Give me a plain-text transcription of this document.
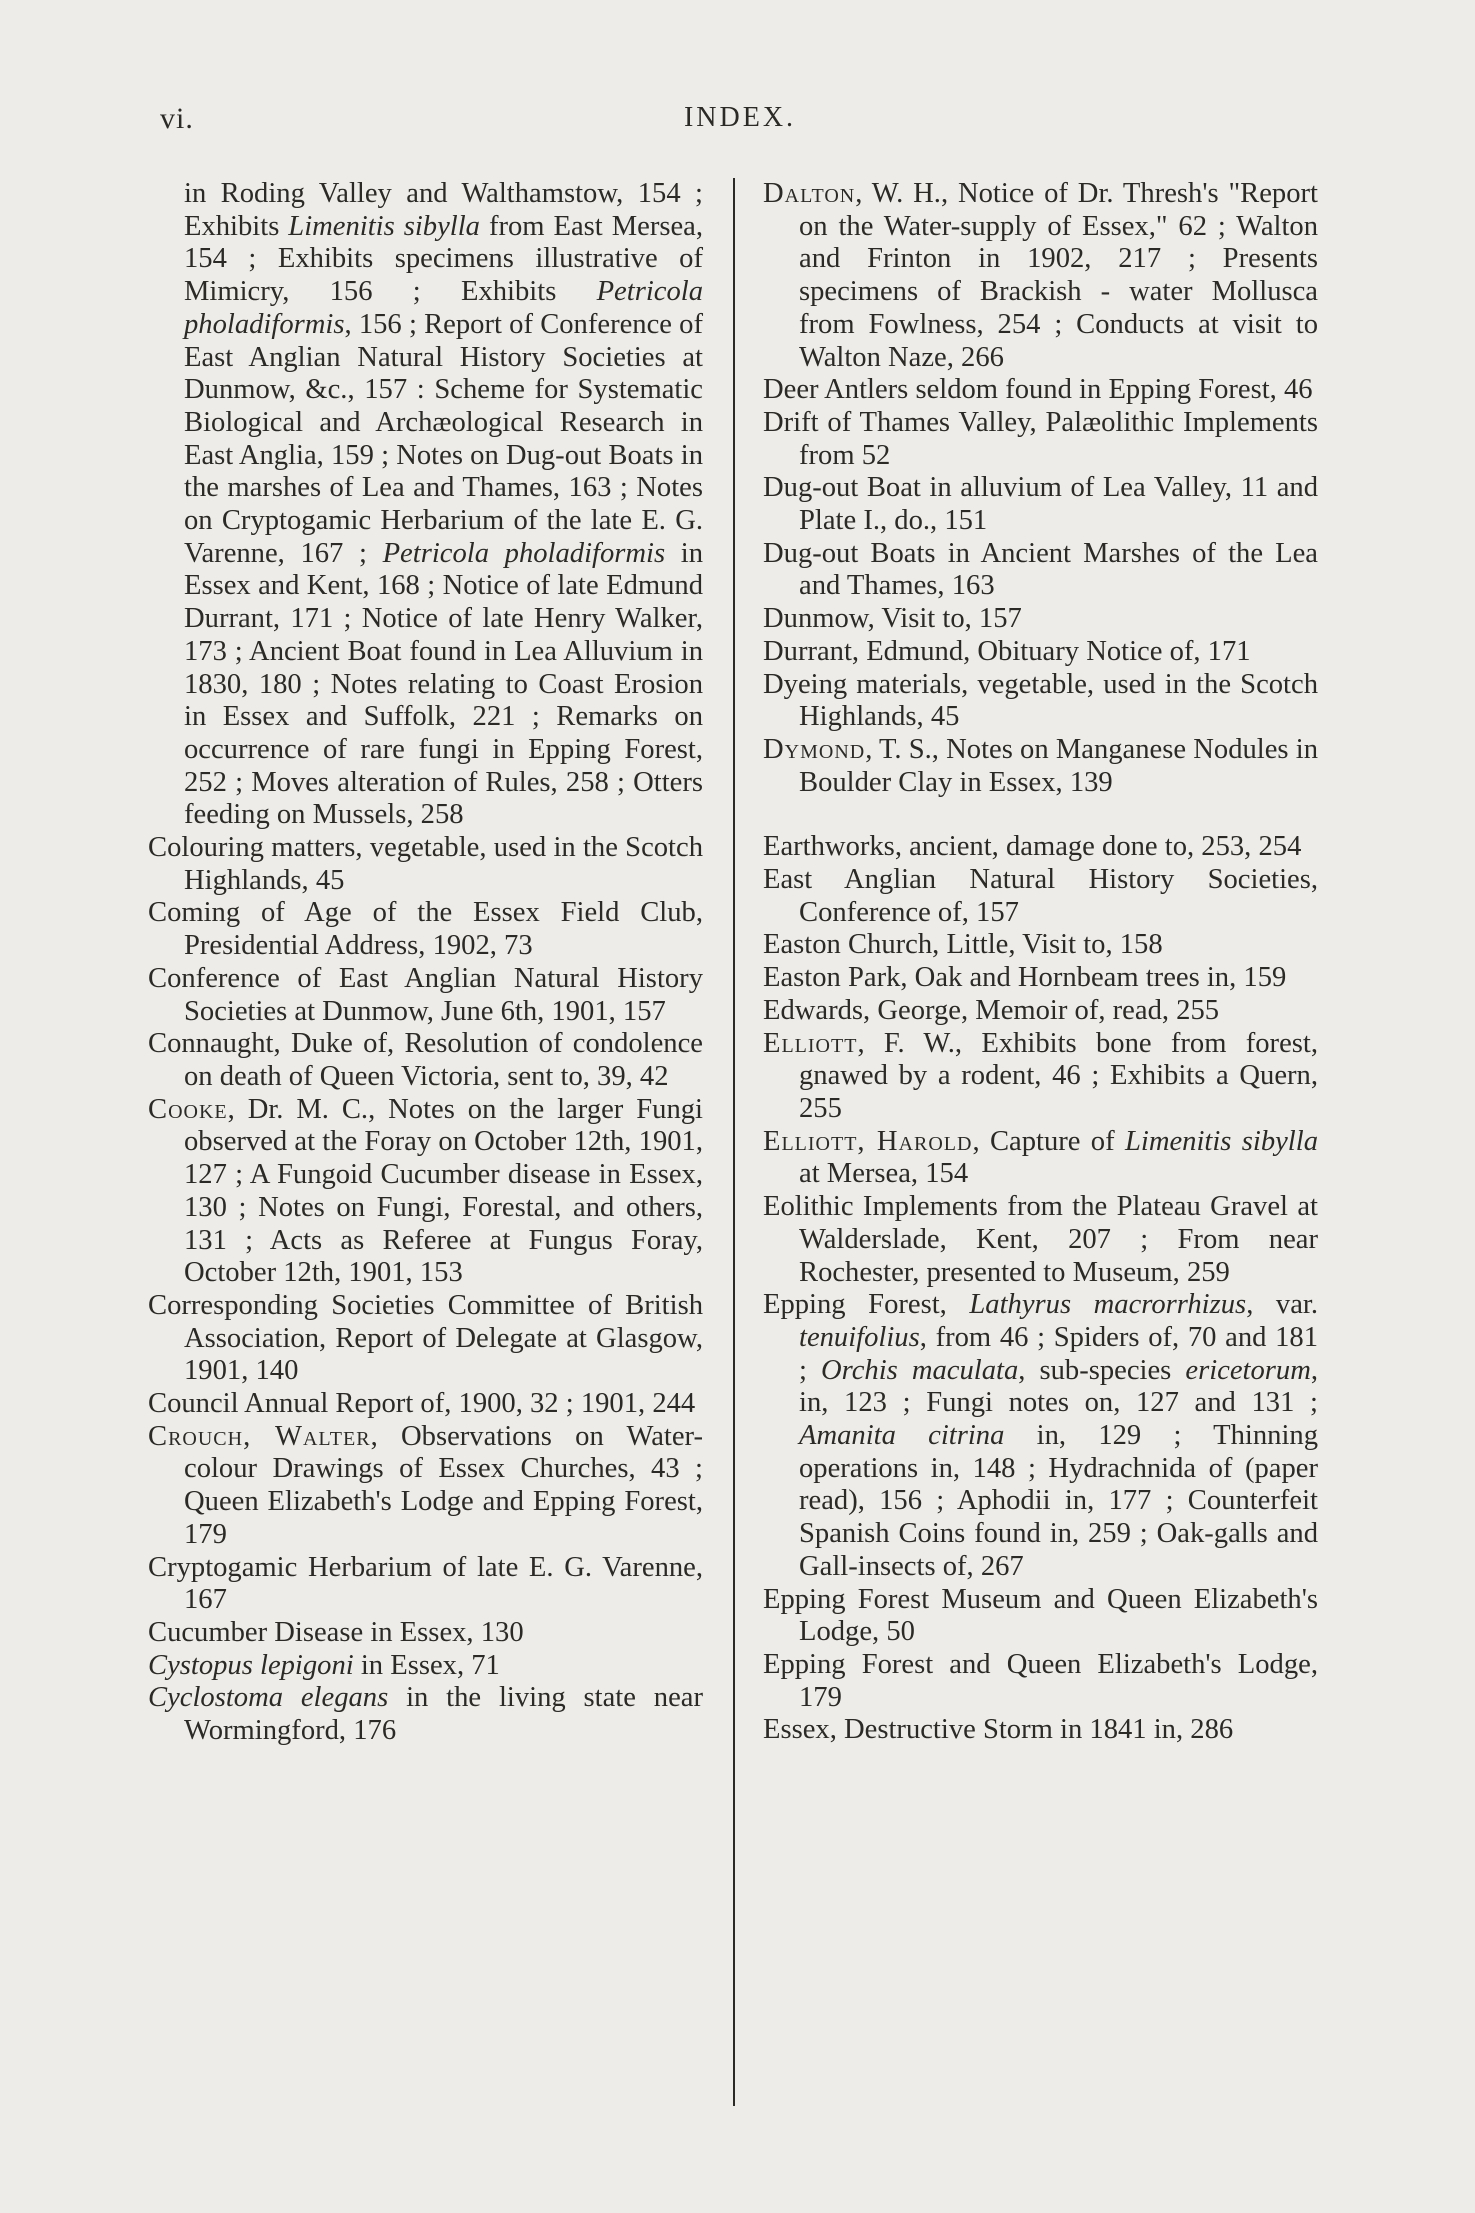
vi.	INDEX.
in Roding Valley and Walthamstow, 154 ; Exhibits Limenitis sibylla from East Mersea, 154 ; Exhibits specimens illustrative of Mimicry, 156 ; Exhibits Petricola pholadiformis, 156 ; Report of Conference of East Anglian Natural History Societies at Dunmow, &c., 157 : Scheme for Systematic Biological and Archæological Research in East Anglia, 159 ; Notes on Dug-out Boats in the marshes of Lea and Thames, 163 ; Notes on Cryptogamic Herbarium of the late E. G. Varenne, 167 ; Petricola pholadiformis in Essex and Kent, 168 ; Notice of late Edmund Durrant, 171 ; Notice of late Henry Walker, 173 ; Ancient Boat found in Lea Alluvium in 1830, 180 ; Notes relating to Coast Erosion in Essex and Suffolk, 221 ; Remarks on occurrence of rare fungi in Epping Forest, 252 ; Moves alteration of Rules, 258 ; Otters feeding on Mussels, 258
Colouring matters, vegetable, used in the Scotch Highlands, 45
Coming of Age of the Essex Field Club, Presidential Address, 1902, 73
Conference of East Anglian Natural History Societies at Dunmow, June 6th, 1901, 157
Connaught, Duke of, Resolution of condolence on death of Queen Victoria, sent to, 39, 42
Cooke, Dr. M. C., Notes on the larger Fungi observed at the Foray on October 12th, 1901, 127 ; A Fungoid Cucumber disease in Essex, 130 ; Notes on Fungi, Forestal, and others, 131 ; Acts as Referee at Fungus Foray, October 12th, 1901, 153
Corresponding Societies Committee of British Association, Report of Delegate at Glasgow, 1901, 140
Council Annual Report of, 1900, 32 ; 1901, 244
Crouch, Walter, Observations on Water-colour Drawings of Essex Churches, 43 ; Queen Elizabeth's Lodge and Epping Forest, 179
Cryptogamic Herbarium of late E. G. Varenne, 167
Cucumber Disease in Essex, 130
Cystopus lepigoni in Essex, 71
Cyclostoma elegans in the living state near Wormingford, 176
Dalton, W. H., Notice of Dr. Thresh's "Report on the Water-supply of Essex," 62 ; Walton and Frinton in 1902, 217 ; Presents specimens of Brackish - water Mollusca from Fowlness, 254 ; Conducts at visit to Walton Naze, 266
Deer Antlers seldom found in Epping Forest, 46
Drift of Thames Valley, Palæolithic Implements from 52
Dug-out Boat in alluvium of Lea Valley, 11 and Plate I., do., 151
Dug-out Boats in Ancient Marshes of the Lea and Thames, 163
Dunmow, Visit to, 157
Durrant, Edmund, Obituary Notice of, 171
Dyeing materials, vegetable, used in the Scotch Highlands, 45
Dymond, T. S., Notes on Manganese Nodules in Boulder Clay in Essex, 139
Earthworks, ancient, damage done to, 253, 254
East Anglian Natural History Societies, Conference of, 157
Easton Church, Little, Visit to, 158
Easton Park, Oak and Hornbeam trees in, 159
Edwards, George, Memoir of, read, 255
Elliott, F. W., Exhibits bone from forest, gnawed by a rodent, 46 ; Exhibits a Quern, 255
Elliott, Harold, Capture of Limenitis sibylla at Mersea, 154
Eolithic Implements from the Plateau Gravel at Walderslade, Kent, 207 ; From near Rochester, presented to Museum, 259
Epping Forest, Lathyrus macrorrhizus, var. tenuifolius, from 46 ; Spiders of, 70 and 181 ; Orchis maculata, sub-species ericetorum, in, 123 ; Fungi notes on, 127 and 131 ; Amanita citrina in, 129 ; Thinning operations in, 148 ; Hydrachnida of (paper read), 156 ; Aphodii in, 177 ; Counterfeit Spanish Coins found in, 259 ; Oak-galls and Gall-insects of, 267
Epping Forest Museum and Queen Elizabeth's Lodge, 50
Epping Forest and Queen Elizabeth's Lodge, 179
Essex, Destructive Storm in 1841 in, 286
